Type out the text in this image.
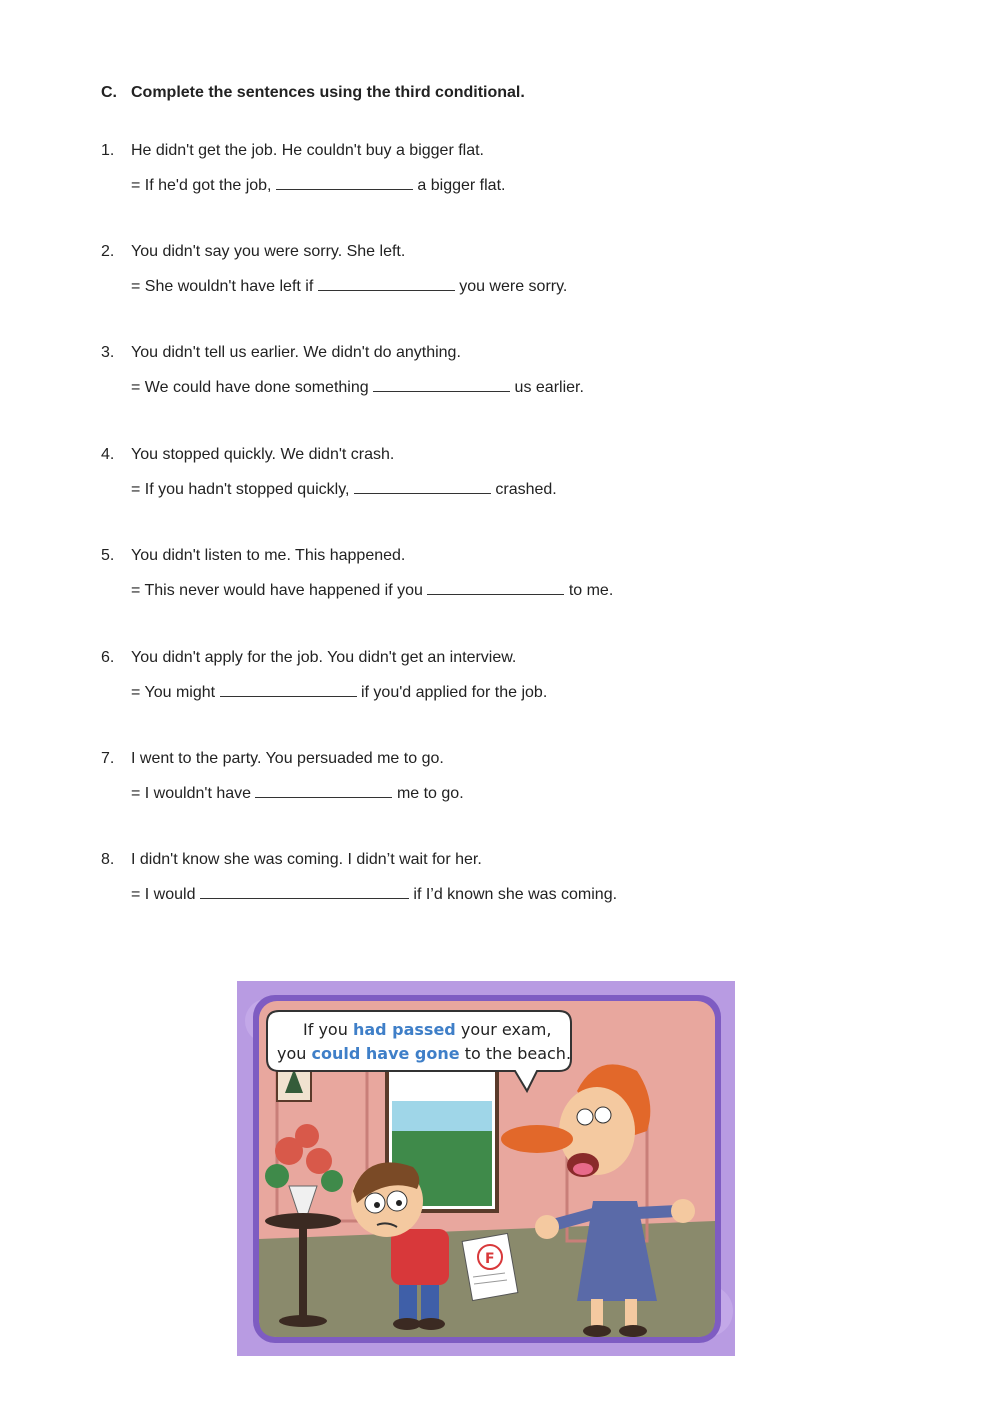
C. Complete the sentences using the third conditional.
1. He didn't get the job. He couldn't buy a bigger flat.
= If he'd got the job,	a bigger flat.
2. You didn't say you were sorry. She left.
= She wouldn't have left if	you were sorry.
3. You didn't tell us earlier. We didn't do anything.
= We could have done something	us earlier.
4. You stopped quickly. We didn't crash.
= If you hadn't stopped quickly,	crashed.
5. You didn't listen to me. This happened.
= This never would have happened if you	to me.
6. You didn't apply for the job. You didn't get an interview.
= You might	if you'd applied for the job.
7. I went to the party. You persuaded me to go.
= I wouldn't have	me to go.
8. I didn't know she was coming. I didn’t wait for her.
= I would	if I’d known she was coming.
If you had passed your exam,
you could have gone to the beach.
F
